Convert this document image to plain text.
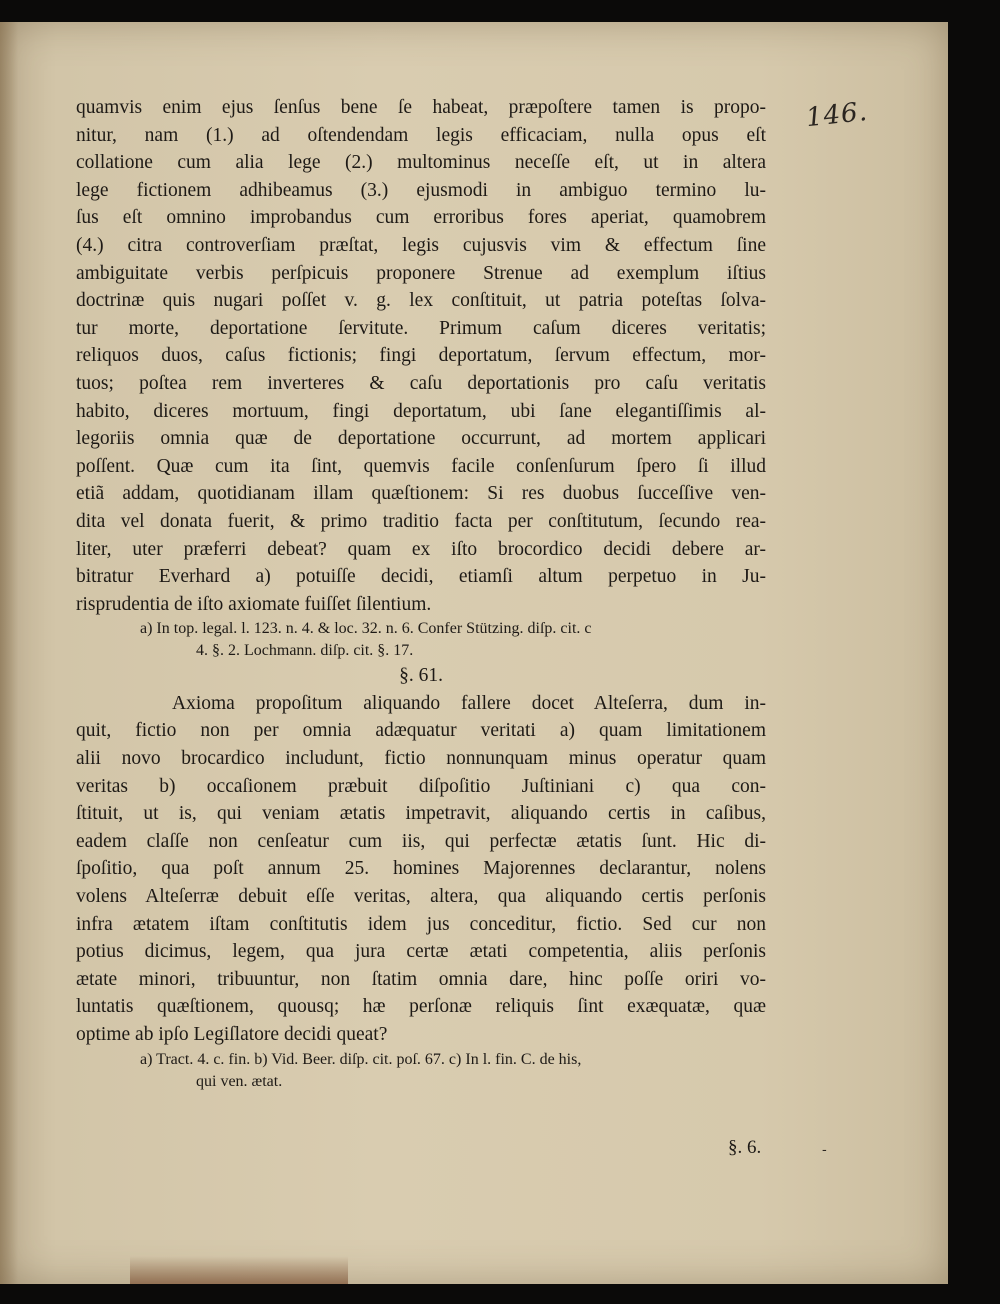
146.
quamvis enim ejus ſenſus bene ſe habeat, præpoſtere tamen is propo-
nitur, nam (1.) ad oſtendendam legis efficaciam, nulla opus eſt
collatione cum alia lege (2.) multominus neceſſe eſt, ut in altera
lege fictionem adhibeamus (3.) ejusmodi in ambiguo termino lu-
ſus eſt omnino improbandus cum erroribus fores aperiat, quamobrem
(4.) citra controverſiam præſtat, legis cujusvis vim & effectum ſine
ambiguitate verbis perſpicuis proponere Strenue ad exemplum iſtius
doctrinæ quis nugari poſſet v. g. lex conſtituit, ut patria poteſtas ſolva-
tur morte, deportatione ſervitute. Primum caſum diceres veritatis;
reliquos duos, caſus fictionis; fingi deportatum, ſervum effectum, mor-
tuos; poſtea rem inverteres & caſu deportationis pro caſu veritatis
habito, diceres mortuum, fingi deportatum, ubi ſane elegantiſſimis al-
legoriis omnia quæ de deportatione occurrunt, ad mortem applicari
poſſent. Quæ cum ita ſint, quemvis facile conſenſurum ſpero ſi illud
etiã addam, quotidianam illam quæſtionem: Si res duobus ſucceſſive ven-
dita vel donata fuerit, & primo traditio facta per conſtitutum, ſecundo rea-
liter, uter præferri debeat? quam ex iſto brocordico decidi debere ar-
bitratur Everhard a) potuiſſe decidi, etiamſi altum perpetuo in Ju-
risprudentia de iſto axiomate fuiſſet ſilentium.
a) In top. legal. l. 123. n. 4. & loc. 32. n. 6. Confer Stützing. diſp. cit. c
4. §. 2. Lochmann. diſp. cit. §. 17.
§. 61.
Axioma propoſitum aliquando fallere docet Alteſerra, dum in-
quit, fictio non per omnia adæquatur veritati a) quam limitationem
alii novo brocardico includunt, fictio nonnunquam minus operatur quam
veritas b) occaſionem præbuit diſpoſitio Juſtiniani c) qua con-
ſtituit, ut is, qui veniam ætatis impetravit, aliquando certis in caſibus,
eadem claſſe non cenſeatur cum iis, qui perfectæ ætatis ſunt. Hic di-
ſpoſitio, qua poſt annum 25. homines Majorennes declarantur, nolens
volens Alteſerræ debuit eſſe veritas, altera, qua aliquando certis perſonis
infra ætatem iſtam conſtitutis idem jus conceditur, fictio. Sed cur non
potius dicimus, legem, qua jura certæ ætati competentia, aliis perſonis
ætate minori, tribuuntur, non ſtatim omnia dare, hinc poſſe oriri vo-
luntatis quæſtionem, quousq; hæ perſonæ reliquis ſint exæquatæ, quæ
optime ab ipſo Legiſlatore decidi queat?
a) Tract. 4. c. fin. b) Vid. Beer. diſp. cit. poſ. 67. c) In l. fin. C. de his,
qui ven. ætat.
§. 6.	-
